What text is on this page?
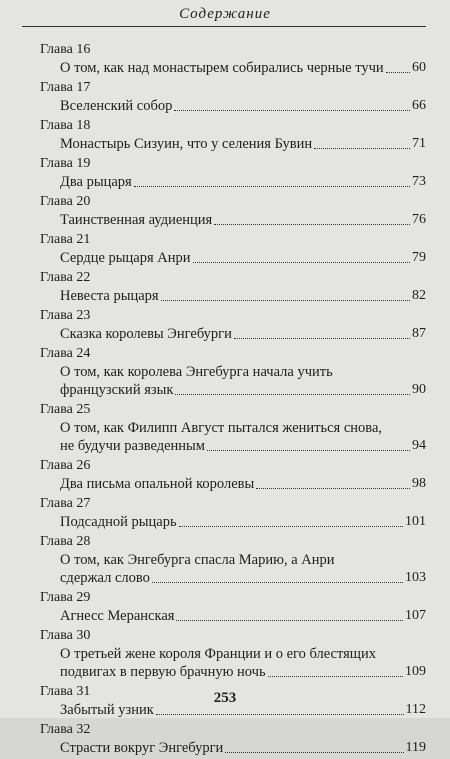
Содержание
Глава 16
О том, как над монастырем собирались черные тучи 60
Глава 17
Вселенский собор	66
Глава 18
Монастырь Сизуин, что у селения Бувин	71
Глава 19
Два рыцаря	73
Глава 20
Таинственная аудиенция	76
Глава 21
Сердце рыцаря Анри	79
Глава 22
Невеста рыцаря	82
Глава 23
Сказка королевы Энгебурги	87
Глава 24
О том, как королева Энгебурга начала учить
французский язык	90
Глава 25
О том, как Филипп Август пытался жениться снова,
не будучи разведенным	94
Глава 26
Два письма опальной королевы	98
Глава 27
Подсадной рыцарь	101
Глава 28
О том, как Энгебурга спасла Марию, а Анри
сдержал слово	103
Глава 29
Агнесс Меранская	107
Глава 30
О третьей жене короля Франции и о его блестящих
подвигах в первую брачную ночь	109
Глава 31
Забытый узник	112
Глава 32
Страсти вокруг Энгебурги	119
253
